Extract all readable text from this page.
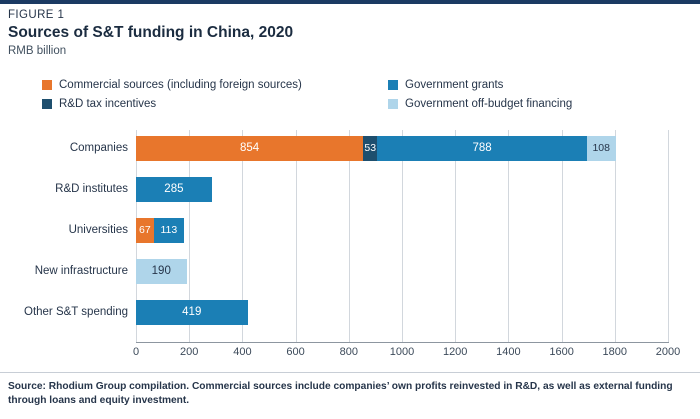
FIGURE 1
Sources of S&T funding in China, 2020
RMB billion
Commercial sources (including foreign sources)	Government grants
R&D tax incentives	Government off-budget financing
Companies
R&D institutes
Universities
New infrastructure
Other S&T spending
854	53	788	108
285
67 113
190
419
0	200	400	600	800	1000	1200	1400	1600	1800	2000
Source: Rhodium Group compilation. Commercial sources include companies’ own profits reinvested in R&D, as well as external funding through loans and equity investment.
